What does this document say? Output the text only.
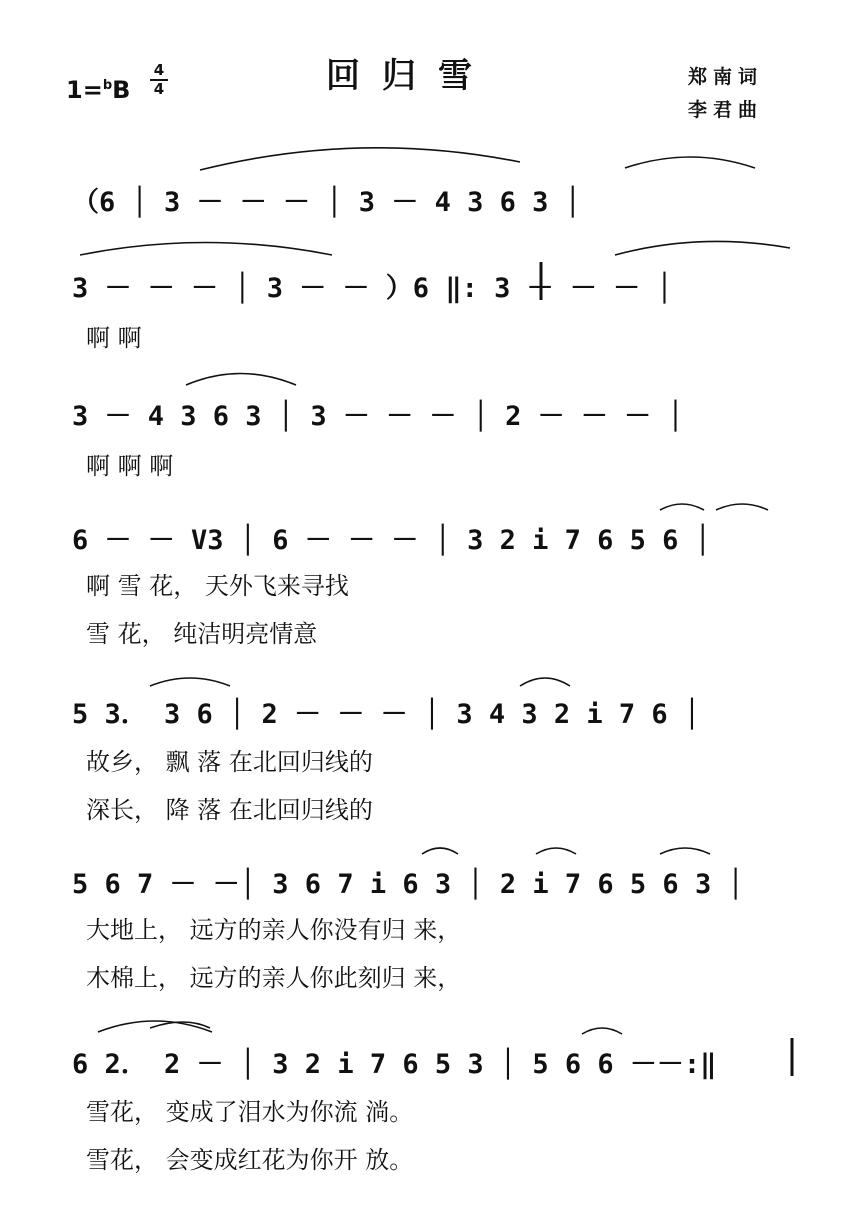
回归雪	郑南词
李君曲
1=$^b$B
4
4
（6 │ 3 － － － │ 3 － 4 3 6 3 │
3 － － － │ 3 － － ）6 ‖: 3 － － － │
啊 啊
3 － 4 3 6 3 │ 3 － － － │ 2 － － － │
啊 啊 啊
6 － － V3 │ 6 － － － │ 3 2 i 7 6 5 6 │
啊 雪 花， 天外飞来寻找
雪 花， 纯洁明亮情意
5 3． 3 6 │ 2 － － － │ 3 4 3 2 i 7 6 │
故乡， 飘 落 在北回归线的
深长， 降 落 在北回归线的
5 6 7 － －│ 3 6 7 i 6 3 │ 2 i 7 6 5 6 3 │
大地上， 远方的亲人你没有归 来，
木棉上， 远方的亲人你此刻归 来，
6 2． 2 － │ 3 2 i 7 6 5 3 │ 5 6 6 －－:‖
雪花， 变成了泪水为你流 淌。
雪花， 会变成红花为你开 放。
